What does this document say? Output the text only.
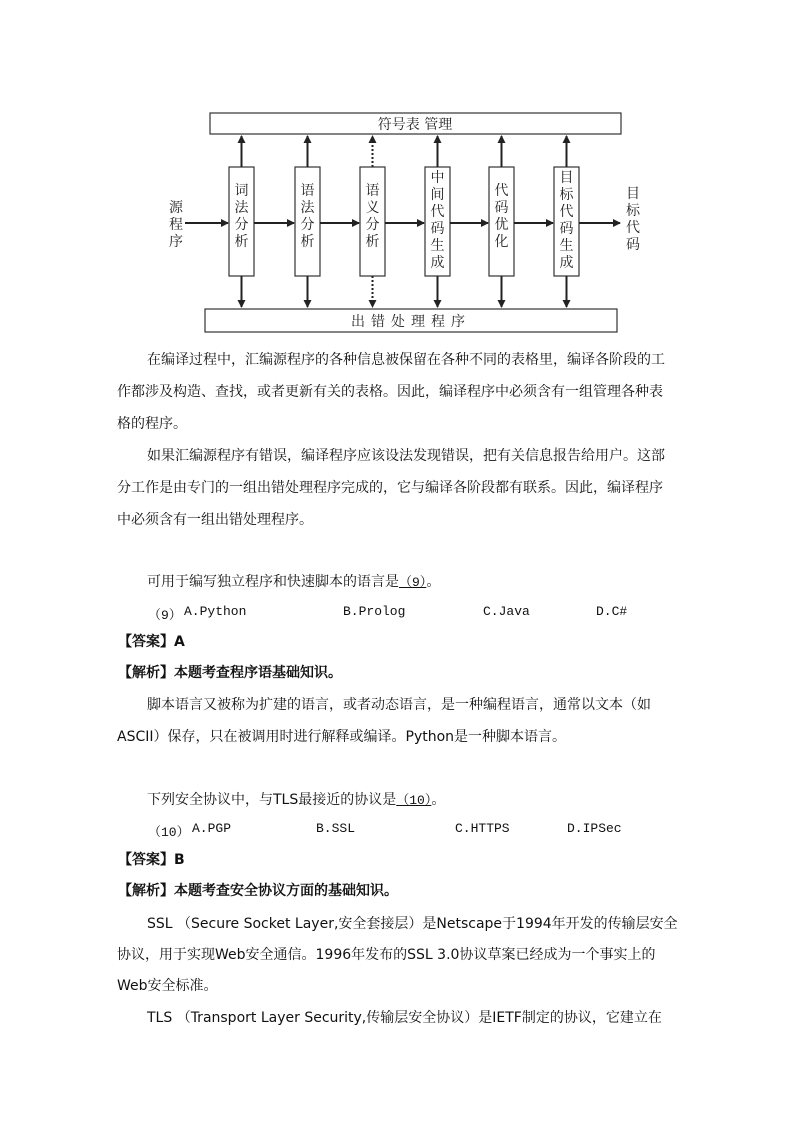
符号表 管理
出错处理程序
源
程
序
词
法
分
析
语
法
分
析
语
义
分
析
中
间
代
码
生
成
代
码
优
化
目
标
代
码
生
成
目
标
代
码
在编译过程中，汇编源程序的各种信息被保留在各种不同的表格里，编译各阶段的工
作都涉及构造、查找，或者更新有关的表格。因此，编译程序中必须含有一组管理各种表
格的程序。
如果汇编源程序有错误，编译程序应该设法发现错误，把有关信息报告给用户。这部
分工作是由专门的一组出错处理程序完成的，它与编译各阶段都有联系。因此，编译程序
中必须含有一组出错处理程序。
可用于编写独立程序和快速脚本的语言是（9）。
（9） A.Python	B.Prolog	C.Java	D.C#
【答案】A
【解析】本题考查程序语基础知识。
脚本语言又被称为扩建的语言，或者动态语言，是一种编程语言，通常以文本（如
ASCII）保存，只在被调用时进行解释或编译。Python是一种脚本语言。
下列安全协议中，与TLS最接近的协议是（10）。
（10） A.PGP	B.SSL	C.HTTPS	D.IPSec
【答案】B
【解析】本题考查安全协议方面的基础知识。
SSL （Secure Socket Layer,安全套接层）是Netscape于1994年开发的传输层安全
协议，用于实现Web安全通信。1996年发布的SSL 3.0协议草案已经成为一个事实上的
Web安全标准。
TLS （Transport Layer Security,传输层安全协议）是IETF制定的协议，它建立在
